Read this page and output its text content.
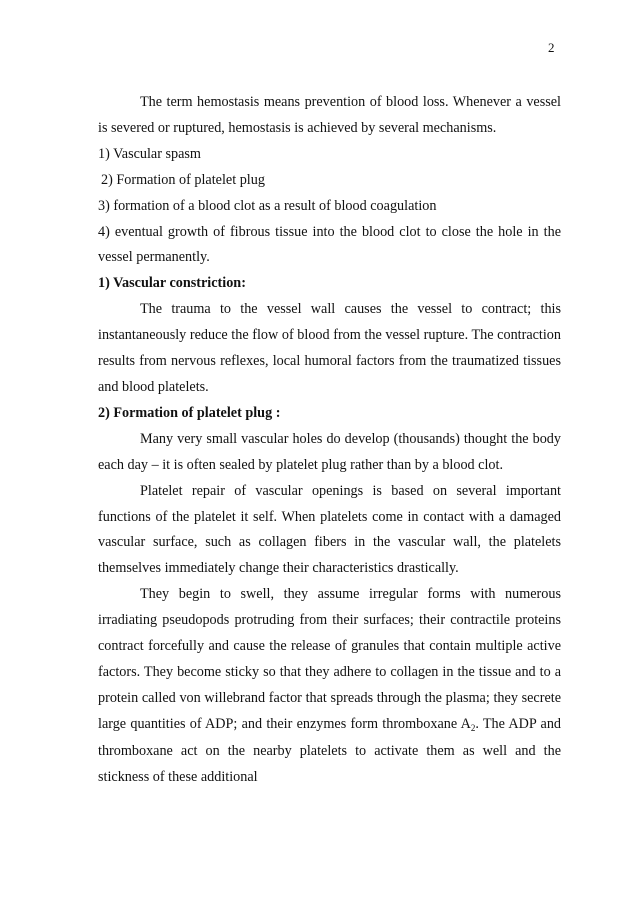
2

The term hemostasis means prevention of blood loss. Whenever a vessel is severed or ruptured, hemostasis is achieved by several mechanisms.

1) Vascular spasm

2) Formation of platelet plug

3) formation of a blood clot as a result of blood coagulation

4) eventual growth of fibrous tissue into the blood clot to close the hole in the vessel permanently.

1) Vascular constriction:

The trauma to the vessel wall causes the vessel to contract; this instantaneously reduce the flow of blood from the vessel rupture. The contraction results from nervous reflexes, local humoral factors from the traumatized tissues and blood platelets.

2) Formation of platelet plug :

Many very small vascular holes do develop (thousands) thought the body each day – it is often sealed by platelet plug rather than by a blood clot.

Platelet repair of vascular openings is based on several important functions of the platelet it self. When platelets come in contact with a damaged vascular surface, such as collagen fibers in the vascular wall, the platelets themselves immediately change their characteristics drastically.

They begin to swell, they assume irregular forms with numerous irradiating pseudopods protruding from their surfaces; their contractile proteins contract forcefully and cause the release of granules that contain multiple active factors. They become sticky so that they adhere to collagen in the tissue and to a protein called von willebrand factor that spreads through the plasma; they secrete large quantities of ADP; and their enzymes form thromboxane $A_2$. The ADP and thromboxane act on the nearby platelets to activate them as well and the stickness of these additional
